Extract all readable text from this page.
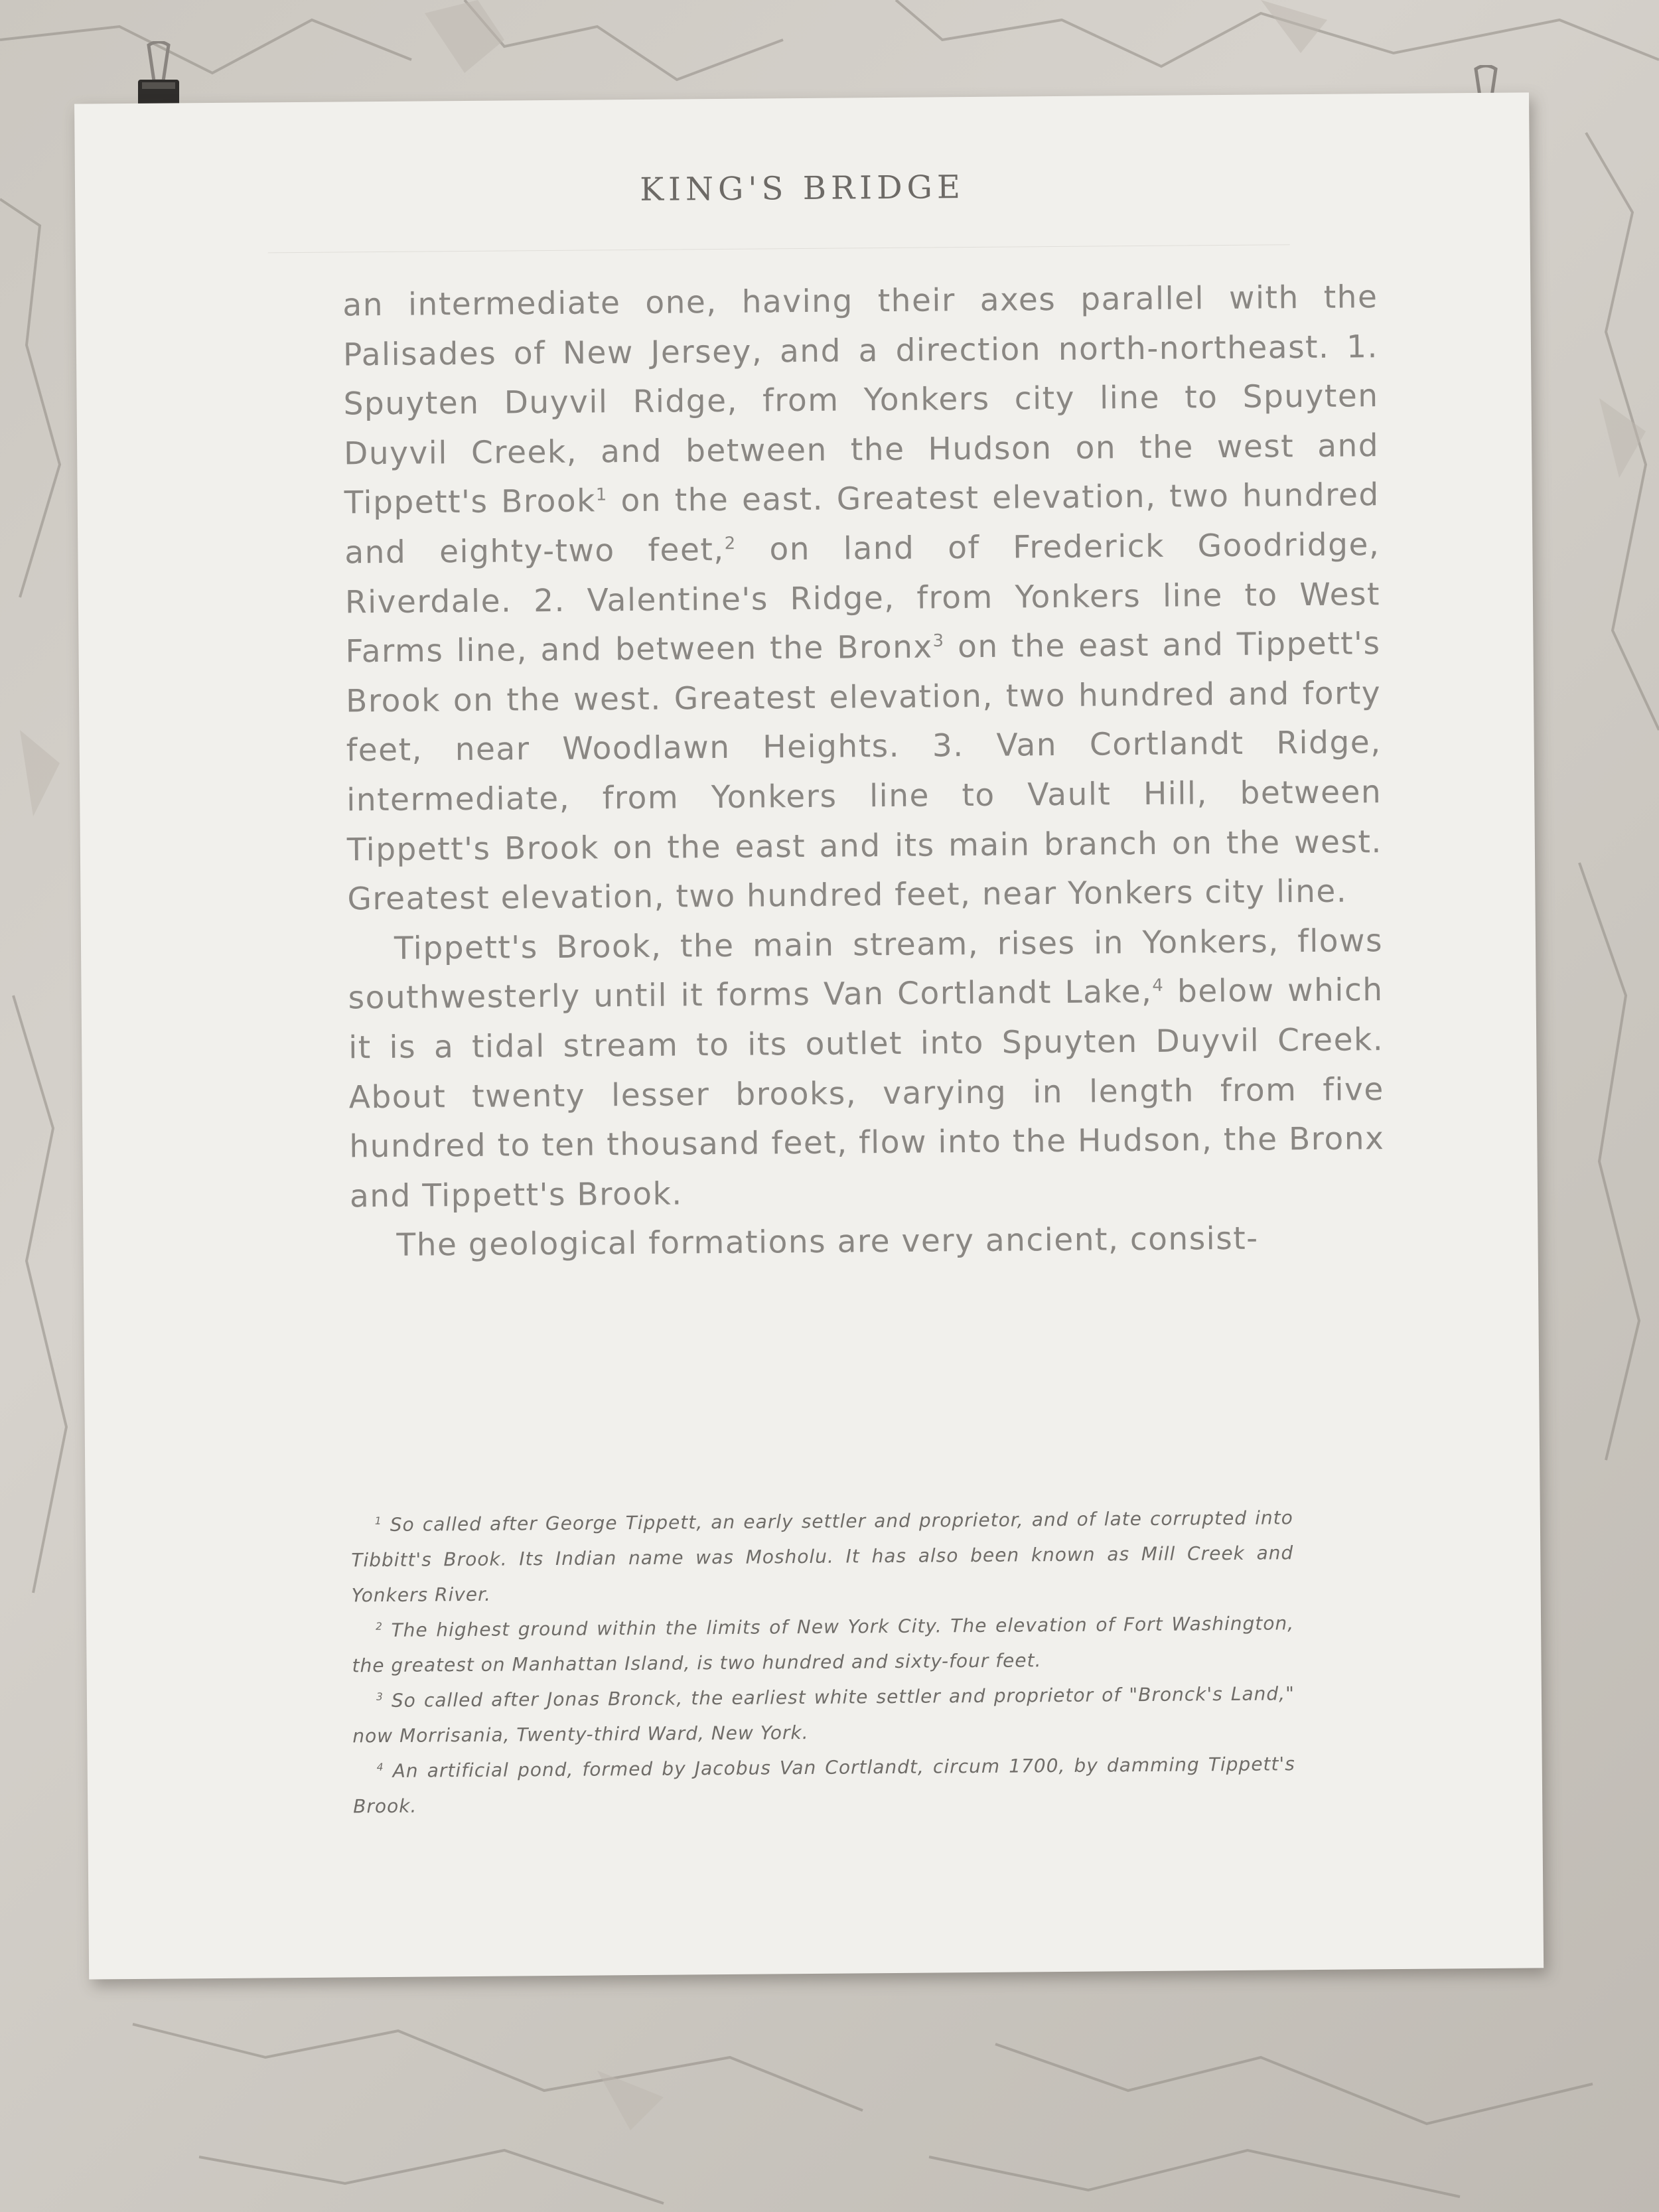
KING'S BRIDGE

an intermediate one, having their axes parallel with the Palisades of New Jersey, and a direction north-northeast. 1. Spuyten Duyvil Ridge, from Yonkers city line to Spuyten Duyvil Creek, and between the Hudson on the west and Tippett's Brook$^1$ on the east. Greatest elevation, two hundred and eighty-two feet,$^2$ on land of Frederick Goodridge, Riverdale. 2. Valentine's Ridge, from Yonkers line to West Farms line, and between the Bronx$^3$ on the east and Tippett's Brook on the west. Greatest elevation, two hundred and forty feet, near Woodlawn Heights. 3. Van Cortlandt Ridge, intermediate, from Yonkers line to Vault Hill, between Tippett's Brook on the east and its main branch on the west. Greatest elevation, two hundred feet, near Yonkers city line.

Tippett's Brook, the main stream, rises in Yonkers, flows southwesterly until it forms Van Cortlandt Lake,$^4$ below which it is a tidal stream to its outlet into Spuyten Duyvil Creek. About twenty lesser brooks, varying in length from five hundred to ten thousand feet, flow into the Hudson, the Bronx and Tippett's Brook.

The geological formations are very ancient, consist-

$^1$ So called after George Tippett, an early settler and proprietor, and of late corrupted into Tibbitt's Brook. Its Indian name was Mosholu. It has also been known as Mill Creek and Yonkers River.

$^2$ The highest ground within the limits of New York City. The elevation of Fort Washington, the greatest on Manhattan Island, is two hundred and sixty-four feet.

$^3$ So called after Jonas Bronck, the earliest white settler and proprietor of "Bronck's Land," now Morrisania, Twenty-third Ward, New York.

$^4$ An artificial pond, formed by Jacobus Van Cortlandt, circum 1700, by damming Tippett's Brook.
